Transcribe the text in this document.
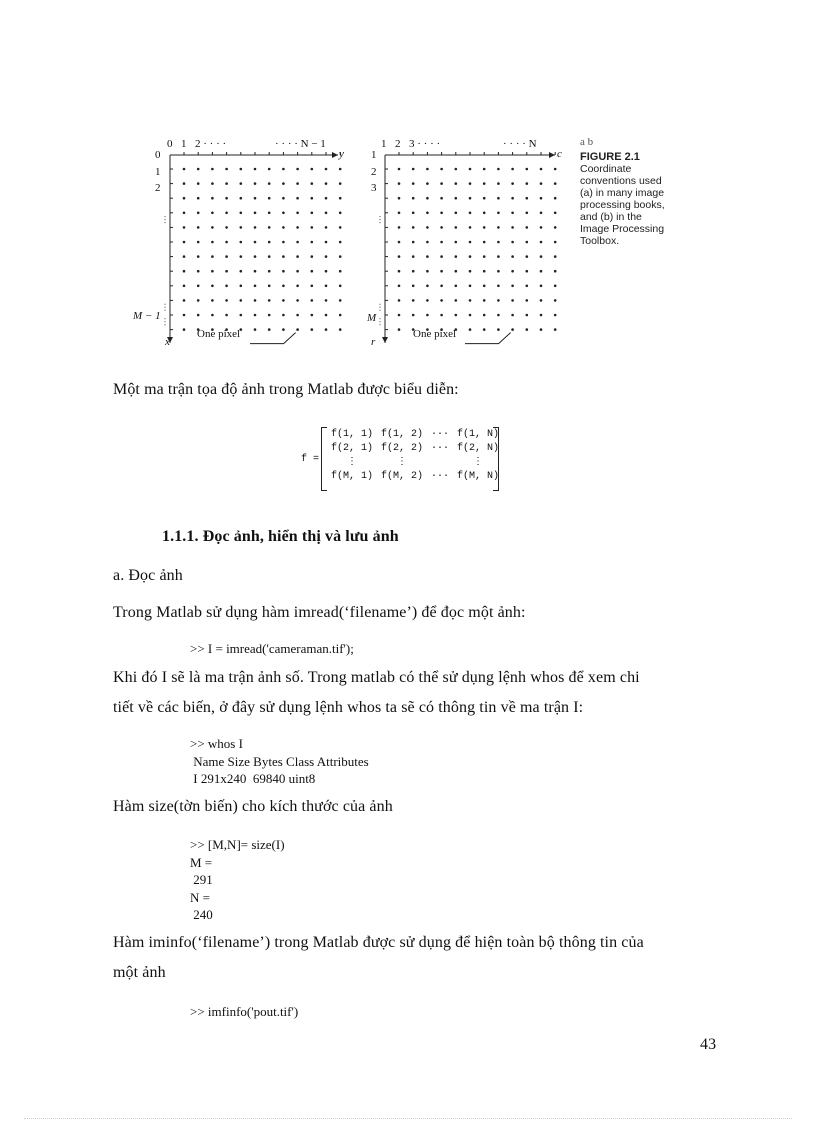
0 1 2 · · · ·	· · · · N − 1
y
0
1
2
M − 1
x
One pixel
1 2 3 · · · ·	· · · · N
c
1
2
3
M
r
One pixel
a b
FIGURE 2.1
Coordinate
conventions used
(a) in many image
processing books,
and (b) in the
Image Processing
Toolbox.
Một ma trận tọa độ ảnh trong Matlab được biểu diễn:
f =
f(1, 1)	f(1, 2)	···	f(1, N)
f(2, 1)	f(2, 2)	···	f(2, N)
⋮	⋮		⋮
f(M, 1)	f(M, 2)	···	f(M, N)
1.1.1. Đọc ảnh, hiển thị và lưu ảnh
a. Đọc ảnh
Trong Matlab sử dụng hàm imread(‘filename’) để đọc một ảnh:
>> I = imread('cameraman.tif');
Khi đó I sẽ là ma trận ảnh số. Trong matlab có thể sử dụng lệnh whos để xem chi
tiết về các biến, ở đây sử dụng lệnh whos ta sẽ có thông tin về ma trận I:
>> whos I
Name Size Bytes Class Attributes
I 291x240  69840 uint8
Hàm size(tờn biến) cho kích thước của ảnh
>> [M,N]= size(I)
M =
291
N =
240
Hàm iminfo(‘filename’) trong Matlab được sử dụng để hiện toàn bộ thông tin của
một ảnh
>> imfinfo('pout.tif')
43
